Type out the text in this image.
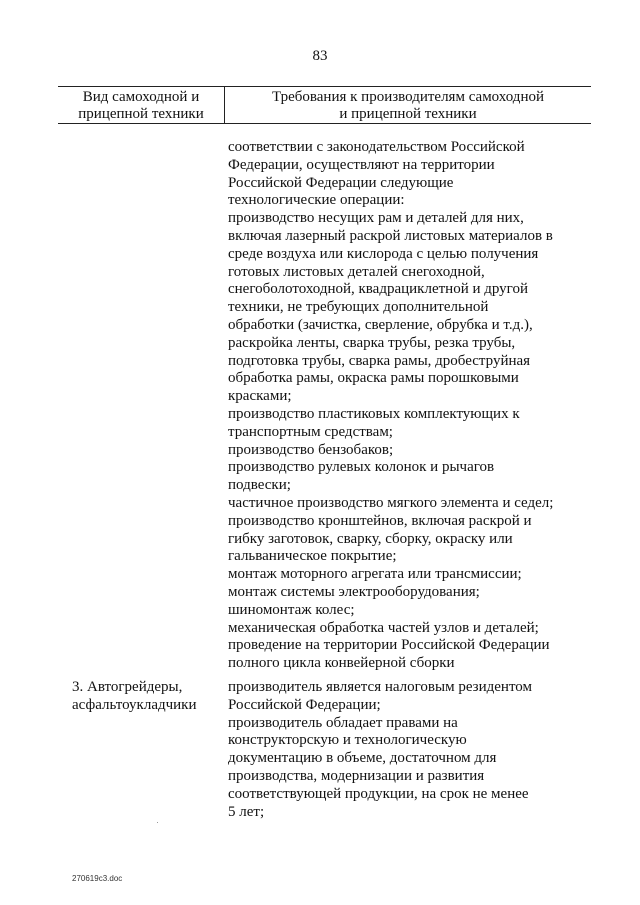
83
Вид самоходной и
прицепной техники
Требования к производителям самоходной
и прицепной техники
соответствии с законодательством Российской
Федерации, осуществляют на территории
Российской Федерации следующие
технологические операции:
производство несущих рам и деталей для них,
включая лазерный раскрой листовых материалов в
среде воздуха или кислорода с целью получения
готовых листовых деталей снегоходной,
снегоболотоходной, квадрациклетной и другой
техники, не требующих дополнительной
обработки (зачистка, сверление, обрубка и т.д.),
раскройка ленты, сварка трубы, резка трубы,
подготовка трубы, сварка рамы, дробеструйная
обработка рамы, окраска рамы порошковыми
красками;
производство пластиковых комплектующих к
транспортным средствам;
производство бензобаков;
производство рулевых колонок и рычагов
подвески;
частичное производство мягкого элемента и седел;
производство кронштейнов, включая раскрой и
гибку заготовок, сварку, сборку, окраску или
гальваническое покрытие;
монтаж моторного агрегата или трансмиссии;
монтаж системы электрооборудования;
шиномонтаж колес;
механическая обработка частей узлов и деталей;
проведение на территории Российской Федерации
полного цикла конвейерной сборки
3. Автогрейдеры,
асфальтоукладчики
производитель является налоговым резидентом
Российской Федерации;
производитель обладает правами на
конструкторскую и технологическую
документацию в объеме, достаточном для
производства, модернизации и развития
соответствующей продукции, на срок не менее
5 лет;
270619c3.doc
